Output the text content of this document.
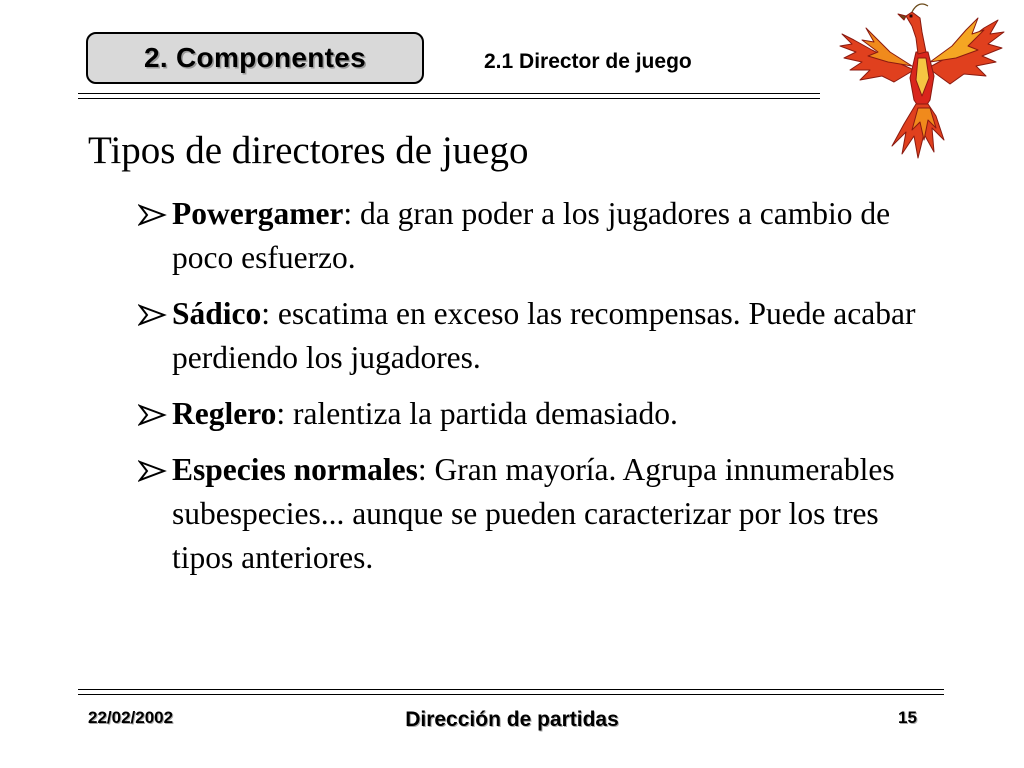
2. Componentes	2.1 Director de juego
Tipos de directores de juego
Powergamer: da gran poder a los jugadores a cambio de poco esfuerzo.
Sádico: escatima en exceso las recompensas. Puede acabar perdiendo los jugadores.
Reglero: ralentiza la partida demasiado.
Especies normales: Gran mayoría. Agrupa innumerables subespecies... aunque se pueden caracterizar por los tres tipos anteriores.
22/02/2002	Dirección de partidas	15
